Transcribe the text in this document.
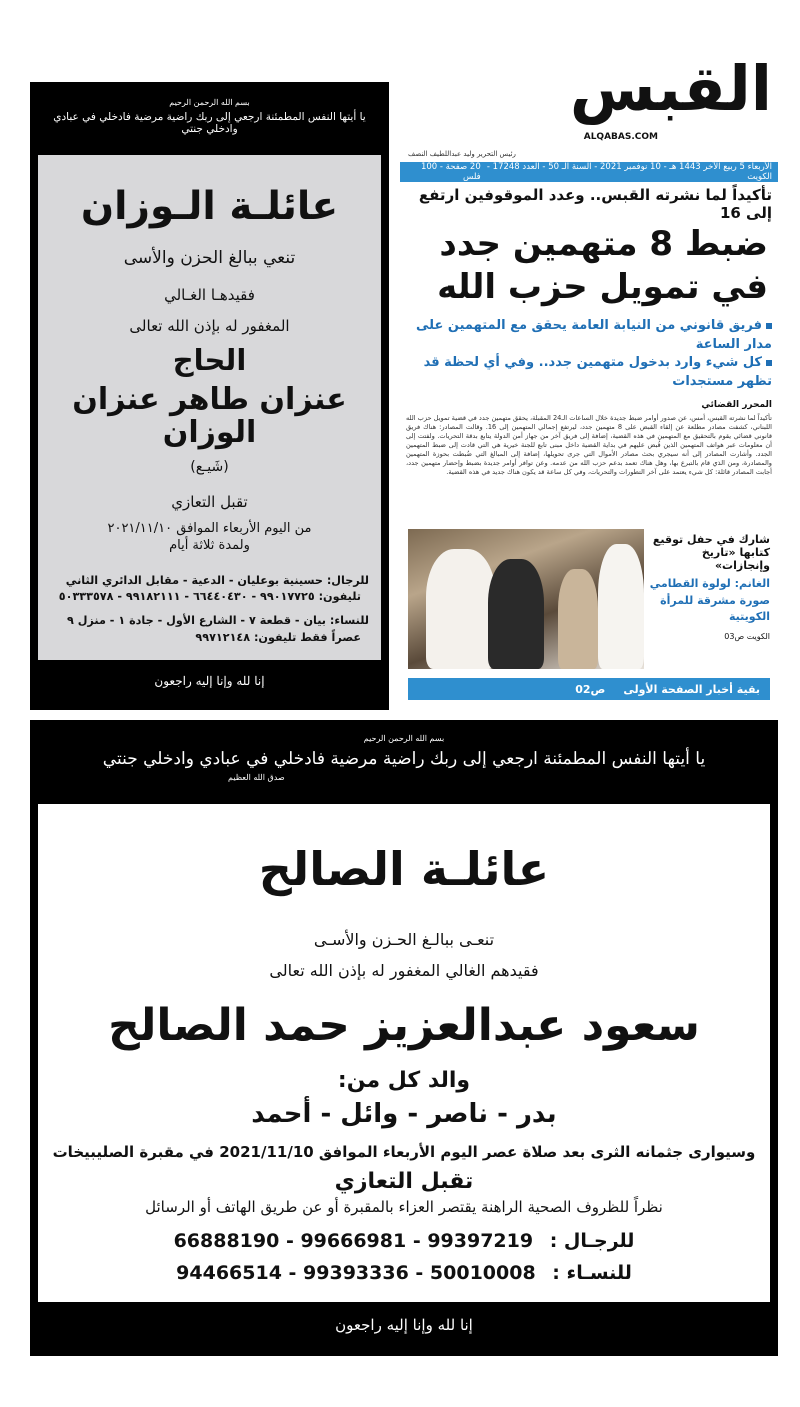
بسم الله الرحمن الرحيم
يا أيتها النفس المطمئنة ارجعي إلى ربك راضية مرضية فادخلي في عبادي وادخلي جنتي
عائلـة الـوزان
تنعي ببالغ الحزن والأسى
فقيدهـا الغـالي
المغفور له بإذن الله تعالى
الحاج
عنزان طاهر عنزان الوزان
(شَيـع)
تقبل التعازي
من اليوم الأربعاء الموافق ٢٠٢١/١١/١٠
ولمدة ثلاثة أيام
للرجال: حسينية بوعليان - الدعية - مقابل الدائري الثاني
تليفون: ٩٩٠١٧٧٢٥ - ٦٦٤٤٠٤٣٠ - ٩٩١٨٢١١١ - ٥٠٣٣٣٥٧٨
للنساء: بيان - قطعة ٧ - الشارع الأول - جادة ١ - منزل ٩
عصراً فقط تليفون: ٩٩٧١٢١٤٨
إنا لله وإنا إليه راجعون
القبس
ALQABAS.COM
رئيس التحرير وليد عبداللطيف النصف
الأربعاء 5 ربيع الآخر 1443 هـ - 10 نوفمبر 2021 - السنة الـ 50 - العدد 17248 - الكويت
20 صفحة - 100 فلس
تأكيداً لما نشرته القبس.. وعدد الموقوفين ارتفع إلى 16
ضبط 8 متهمين جدد
في تمويل حزب الله
فريق قانوني من النيابة العامة يحقق مع المتهمين على مدار الساعة
كل شيء وارد بدخول متهمين جدد.. وفي أي لحظة قد تظهر مستجدات
المحرر القضائي
تأكيداً لما نشرته القبس، أمس، عن صدور أوامر ضبط جديدة خلال الساعات الـ24 المقبلة، يحقق متهمين جدد في قضية تمويل حزب الله اللبناني، كشفت مصادر مطلعة عن إلقاء القبض على 8 متهمين جدد، ليرتفع إجمالي المتهمين إلى 16. وقالت المصادر: هناك فريق قانوني قضائي يقوم بالتحقيق مع المتهمين في هذه القضية، إضافة إلى فريق آخر من جهاز أمن الدولة يتابع بدقة التحريات. ولفتت إلى أن معلومات عبر هواتف المتهمين الذين قُبض عليهم في بداية القضية داخل مبنى تابع للجنة خيرية هي التي قادت إلى ضبط المتهمين الجدد. وأشارت المصادر إلى أنه سيجري بحث مصادر الأموال التي جرى تحويلها، إضافة إلى المبالغ التي ضُبطت بحوزة المتهمين والمصادرة، ومن الذي قام بالتبرع بها، وهل هناك تعمد بدعم حزب الله من عدمه. وعن توافر أوامر جديدة بضبط وإحضار متهمين جدد، أجابت المصادر قائلة: كل شيء يعتمد على آخر التطورات والتحريات، وفي كل ساعة قد يكون هناك جديد في هذه القضية.
شارك في حفل توقيع كتابها «تاريخ وإنجازات»
الغانم: لولوة القطامي صورة مشرقة للمرأة الكويتية
الكويت ص03
بقية أخبار الصفحة الأولى
ص02
بسم الله الرحمن الرحيم
يا أيتها النفس المطمئنة ارجعي إلى ربك راضية مرضية فادخلي في عبادي وادخلي جنتي
صدق الله العظيم
عائلـة الصالح
تنعـى ببالـغ الحـزن والأسـى
فقيدهم الغالي المغفور له بإذن الله تعالى
سعود عبدالعزيز حمد الصالح
والد كل من:
بدر - ناصر - وائل - أحمد
وسيوارى جثمانه الثرى بعد صلاة عصر اليوم الأربعاء الموافق 2021/11/10 في مقبرة الصليبيخات
تقبل التعازي
نظراً للظروف الصحية الراهنة يقتصر العزاء بالمقبرة أو عن طريق الهاتف أو الرسائل
للرجـال : 66888190 - 99666981 - 99397219
للنسـاء : 94466514 - 99393336 - 50010008
إنا لله وإنا إليه راجعون
